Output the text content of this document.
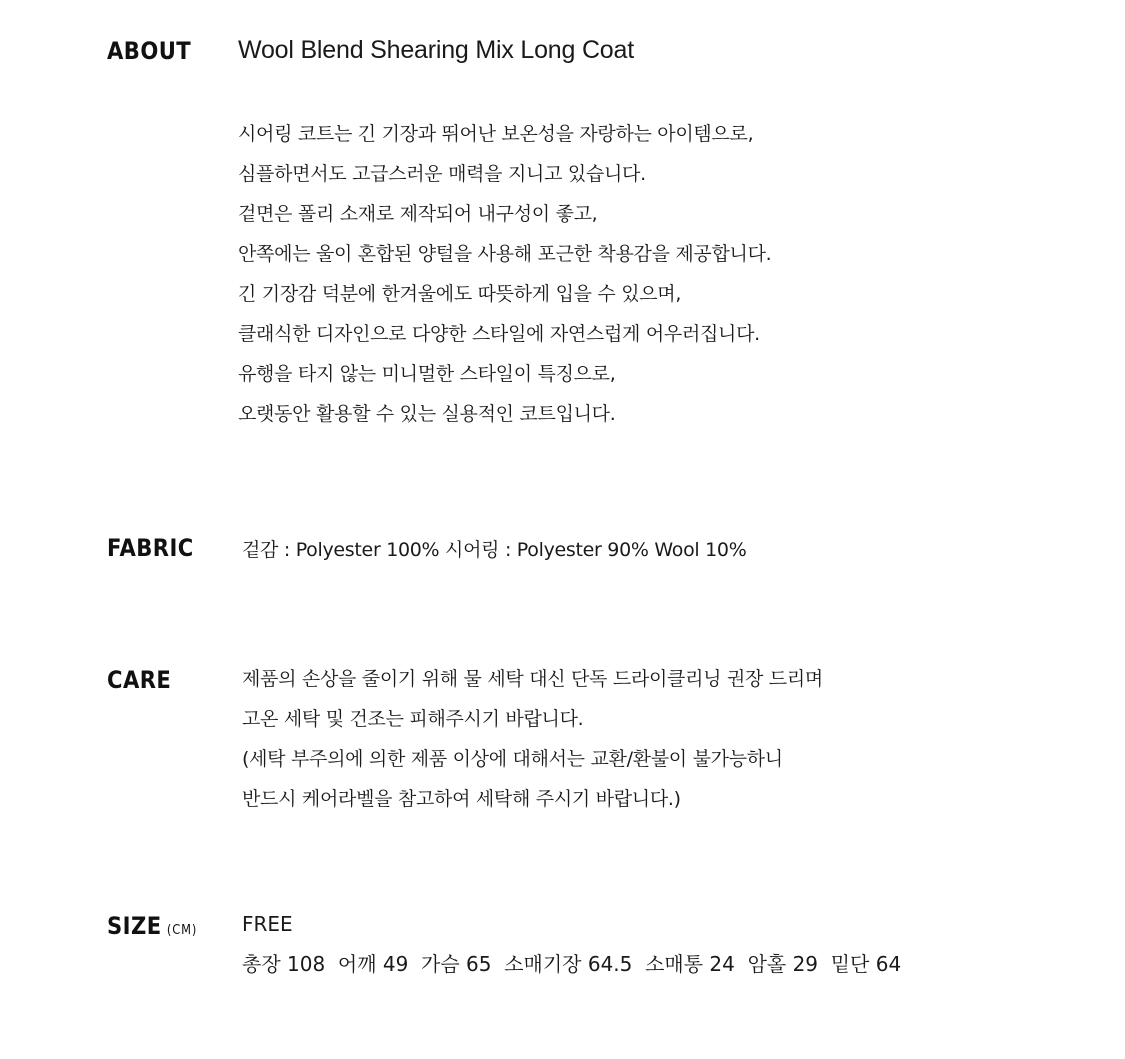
ABOUT Wool Blend Shearing Mix Long Coat
시어링 코트는 긴 기장과 뛰어난 보온성을 자랑하는 아이템으로,
심플하면서도 고급스러운 매력을 지니고 있습니다.
겉면은 폴리 소재로 제작되어 내구성이 좋고,
안쪽에는 울이 혼합된 양털을 사용해 포근한 착용감을 제공합니다.
긴 기장감 덕분에 한겨울에도 따뜻하게 입을 수 있으며,
클래식한 디자인으로 다양한 스타일에 자연스럽게 어우러집니다.
유행을 타지 않는 미니멀한 스타일이 특징으로,
오랫동안 활용할 수 있는 실용적인 코트입니다.
FABRIC	겉감 : Polyester 100% 시어링 : Polyester 90% Wool 10%
CARE	제품의 손상을 줄이기 위해 물 세탁 대신 단독 드라이클리닝 권장 드리며
고온 세탁 및 건조는 피해주시기 바랍니다.
(세탁 부주의에 의한 제품 이상에 대해서는 교환/환불이 불가능하니
반드시 케어라벨을 참고하여 세탁해 주시기 바랍니다.)
SIZE (CM) FREE
총장 108  어깨 49  가슴 65  소매기장 64.5  소매통 24  암홀 29  밑단 64
